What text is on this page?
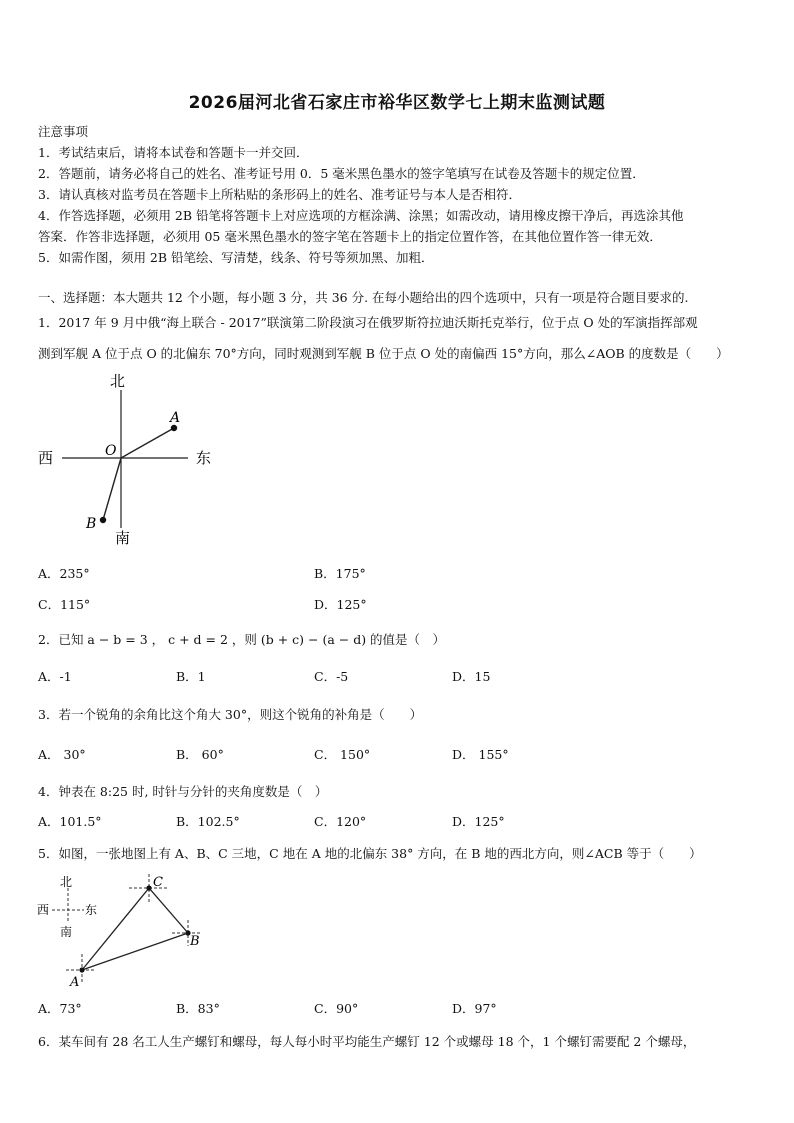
2026届河北省石家庄市裕华区数学七上期末监测试题
注意事项
1．考试结束后，请将本试卷和答题卡一并交回．
2．答题前，请务必将自己的姓名、准考证号用 0．5 毫米黑色墨水的签字笔填写在试卷及答题卡的规定位置．
3．请认真核对监考员在答题卡上所粘贴的条形码上的姓名、准考证号与本人是否相符．
4．作答选择题，必须用 2B 铅笔将答题卡上对应选项的方框涂满、涂黑；如需改动，请用橡皮擦干净后，再选涂其他
答案．作答非选择题，必须用 05 毫米黑色墨水的签字笔在答题卡上的指定位置作答，在其他位置作答一律无效．
5．如需作图，须用 2B 铅笔绘、写清楚，线条、符号等须加黑、加粗．
一、选择题：本大题共 12 个小题，每小题 3 分，共 36 分. 在每小题给出的四个选项中，只有一项是符合题目要求的.
1．2017 年 9 月中俄“海上联合 - 2017”联演第二阶段演习在俄罗斯符拉迪沃斯托克举行，位于点 O 处的军演指挥部观
测到军舰 A 位于点 O 的北偏东 70°方向，同时观测到军舰 B 位于点 O 处的南偏西 15°方向，那么∠AOB 的度数是（　　）
北
南
西	东
O
A
B
A．235°	B．175°
C．115°	D．125°
2．已知 a − b = 3 ， c + d = 2 ，则 (b + c) − (a − d) 的值是（　）
A．-1	B．1	C．-5	D．15
3．若一个锐角的余角比这个角大 30°，则这个锐角的补角是（　　）
A． 30°	B． 60°	C． 150°	D． 155°
4．钟表在 8:25 时, 时针与分针的夹角度数是（　）
A．101.5°	B．102.5°	C．120°	D．125°
5．如图，一张地图上有 A、B、C 三地，C 地在 A 地的北偏东 38° 方向，在 B 地的西北方向，则∠ACB 等于（　　）
北
南
西	东
C
B
A
A．73°	B．83°	C．90°	D．97°
6．某车间有 28 名工人生产螺钉和螺母，每人每小时平均能生产螺钉 12 个或螺母 18 个，1 个螺钉需要配 2 个螺母，
